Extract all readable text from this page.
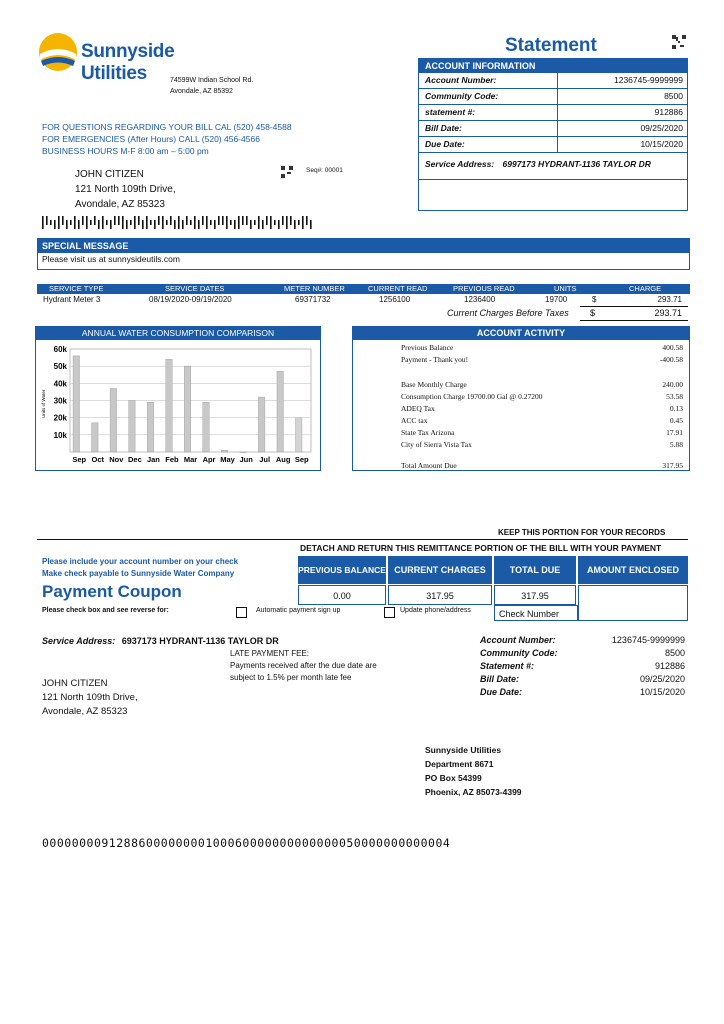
Sunnyside Utilities	74599W Indian School Rd.
Avondale, AZ 85392
FOR QUESTIONS REGARDING YOUR BILL CAL (520) 458-4588
FOR EMERGENCIES (After Hours) CALL (520) 456-4566
BUSINESS HOURS M-F 8:00 am – 5:00 pm
Statement
ACCOUNT INFORMATION
Account Number:	1236745-9999999
Community Code:	8500
statement #:	912886
Bill Date:	09/25/2020
Due Date:	10/15/2020
Service Address: 6997173 HYDRANT-1136 TAYLOR DR
JOHN CITIZEN
121 North 109th Drive,
Avondale, AZ 85323
Seq#: 00001
SPECIAL MESSAGE
Please visit us at sunnysideutils.com
SERVICE TYPE	SERVICE DATES	METER NUMBER	CURRENT READ	PREVIOUS READ	UNITS	CHARGE
Hydrant Meter 3	08/19/2020-09/19/2020	69371732	1256100	1236400	19700	$	293.71
Current Charges Before Taxes $	293.71
ANNUAL WATER CONSUMPTION COMPARISON
60k
50k
40k
30k
20k
10k
Units of Water
Sep Oct Nov Dec Jan Feb Mar Apr May Jun Jul Aug Sep
ACCOUNT ACTIVITY
Previous Balance	400.58
Payment - Thank you!	-400.58
Base Monthly Charge	240.00
Consumption Charge 19700.00 Gal @ 0.27200	53.58
ADEQ Tax	0.13
ACC tax	0.45
State Tax Arizona	17.91
City of Sierra Vista Tax	5.88
Total Amount Due	317.95
KEEP THIS PORTION FOR YOUR RECORDS
DETACH AND RETURN THIS REMITTANCE PORTION OF THE BILL WITH YOUR PAYMENT
Please include your account number on your check
Make check payable to Sunnyside Water Company
Payment Coupon
Please check box and see reverse for:	Automatic payment sign up	Update phone/address
PREVIOUS BALANCE CURRENT CHARGES	TOTAL DUE	AMOUNT ENCLOSED
0.00	317.95	317.95
Check Number
Service Address: 6937173 HYDRANT-1136 TAYLOR DR
LATE PAYMENT FEE:
Payments received after the due date are subject to 1.5% per month late fee
JOHN CITIZEN
121 North 109th Drive,
Avondale, AZ 85323
Account Number:	1236745-9999999
Community Code:	8500
Statement #:	912886
Bill Date:	09/25/2020
Due Date:	10/15/2020
Sunnyside Utilities
Department 8671
PO Box 54399
Phoenix, AZ 85073-4399
0000000091288600000000100060000000000000050000000000004
